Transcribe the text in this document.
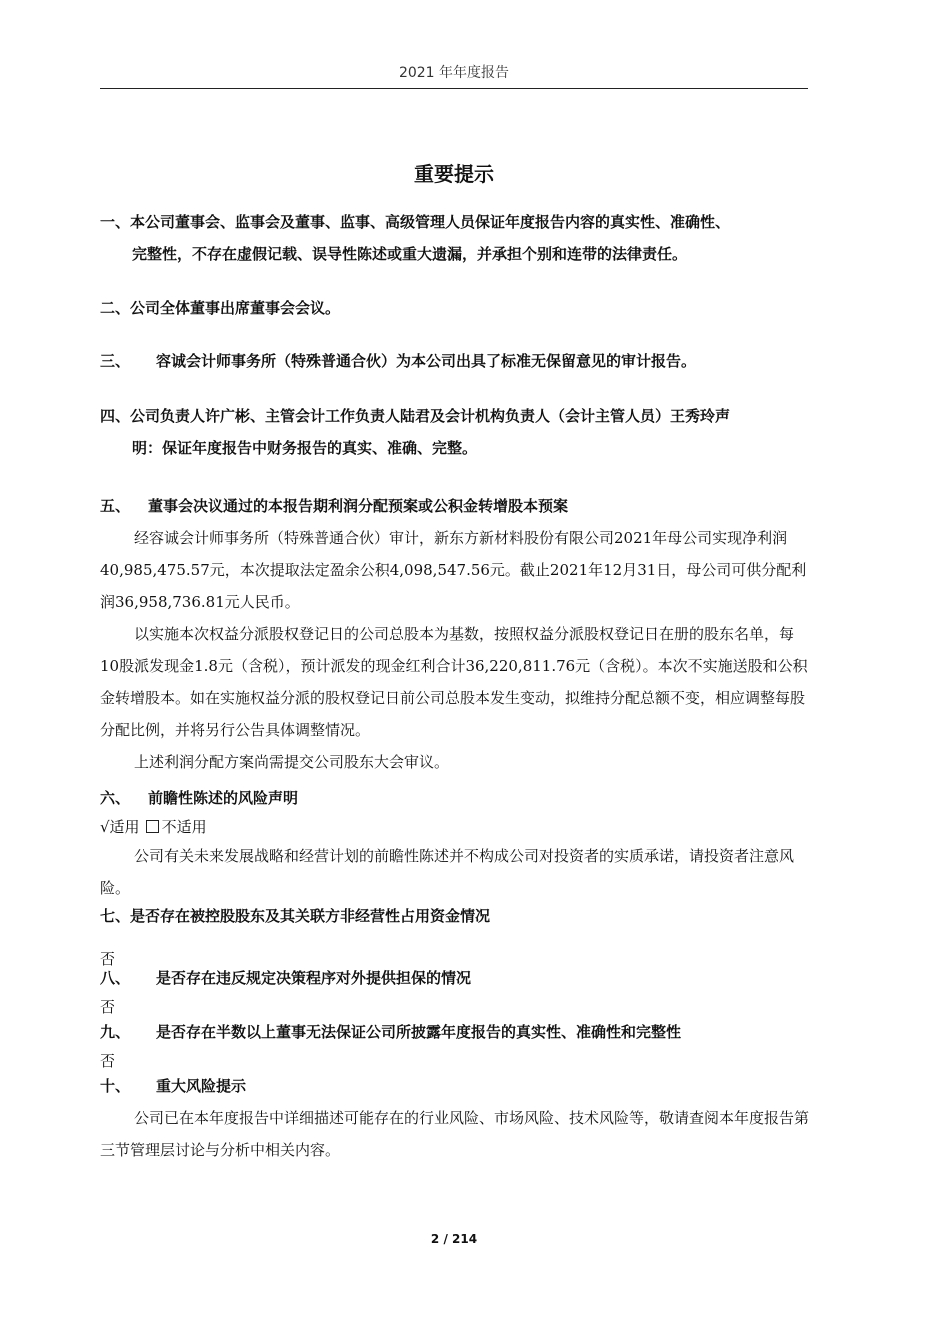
2021 年年度报告
重要提示
一、本公司董事会、监事会及董事、监事、高级管理人员保证年度报告内容的真实性、准确性、
完整性，不存在虚假记载、误导性陈述或重大遗漏，并承担个别和连带的法律责任。
二、公司全体董事出席董事会会议。
三、 容诚会计师事务所（特殊普通合伙）为本公司出具了标准无保留意见的审计报告。
四、公司负责人许广彬、主管会计工作负责人陆君及会计机构负责人（会计主管人员）王秀玲声
明：保证年度报告中财务报告的真实、准确、完整。
五、 董事会决议通过的本报告期利润分配预案或公积金转增股本预案
经容诚会计师事务所（特殊普通合伙）审计，新东方新材料股份有限公司2021年母公司实现净利润40,985,475.57元，本次提取法定盈余公积4,098,547.56元。截止2021年12月31日，母公司可供分配利润36,958,736.81元人民币。
以实施本次权益分派股权登记日的公司总股本为基数，按照权益分派股权登记日在册的股东名单，每10股派发现金1.8元（含税），预计派发的现金红利合计36,220,811.76元（含税）。本次不实施送股和公积金转增股本。如在实施权益分派的股权登记日前公司总股本发生变动，拟维持分配总额不变，相应调整每股分配比例，并将另行公告具体调整情况。
上述利润分配方案尚需提交公司股东大会审议。
六、 前瞻性陈述的风险声明
√适用 不适用
公司有关未来发展战略和经营计划的前瞻性陈述并不构成公司对投资者的实质承诺，请投资者注意风险。
七、是否存在被控股股东及其关联方非经营性占用资金情况
否
八、 是否存在违反规定决策程序对外提供担保的情况
否
九、 是否存在半数以上董事无法保证公司所披露年度报告的真实性、准确性和完整性
否
十、 重大风险提示
公司已在本年度报告中详细描述可能存在的行业风险、市场风险、技术风险等，敬请查阅本年度报告第三节管理层讨论与分析中相关内容。
2 / 214
